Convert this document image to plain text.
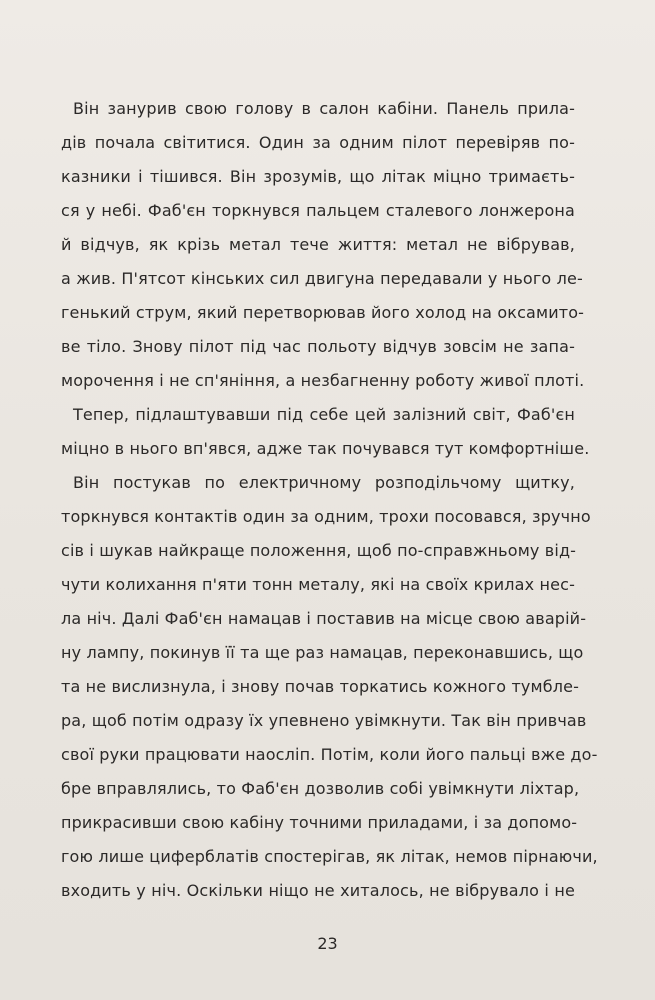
Він занурив свою голову в салон кабіни. Панель прила-
дів почала світитися. Один за одним пілот перевіряв по-
казники і тішився. Він зрозумів, що літак міцно тримаєть-
ся у небі. Фаб'єн торкнувся пальцем сталевого лонжерона
й відчув, як крізь метал тече життя: метал не вібрував,
а жив. П'ятсот кінських сил двигуна передавали у нього ле-
генький струм, який перетворював його холод на оксамито-
ве тіло. Знову пілот під час польоту відчув зовсім не запа-
морочення і не сп'яніння, а незбагненну роботу живої плоті.
Тепер, підлаштувавши під себе цей залізний світ, Фаб'єн
міцно в нього вп'явся, адже так почувався тут комфортніше.
Він постукав по електричному розподільчому щитку,
торкнувся контактів один за одним, трохи посовався, зручно
сів і шукав найкраще положення, щоб по-справжньому від-
чути колихання п'яти тонн металу, які на своїх крилах нес-
ла ніч. Далі Фаб'єн намацав і поставив на місце свою аварій-
ну лампу, покинув її та ще раз намацав, переконавшись, що
та не вислизнула, і знову почав торкатись кожного тумбле-
ра, щоб потім одразу їх упевнено увімкнути. Так він привчав
свої руки працювати наосліп. Потім, коли його пальці вже до-
бре вправлялись, то Фаб'єн дозволив собі увімкнути ліхтар,
прикрасивши свою кабіну точними приладами, і за допомо-
гою лише циферблатів спостерігав, як літак, немов пірнаючи,
входить у ніч. Оскільки ніщо не хиталось, не вібрувало і не
23
